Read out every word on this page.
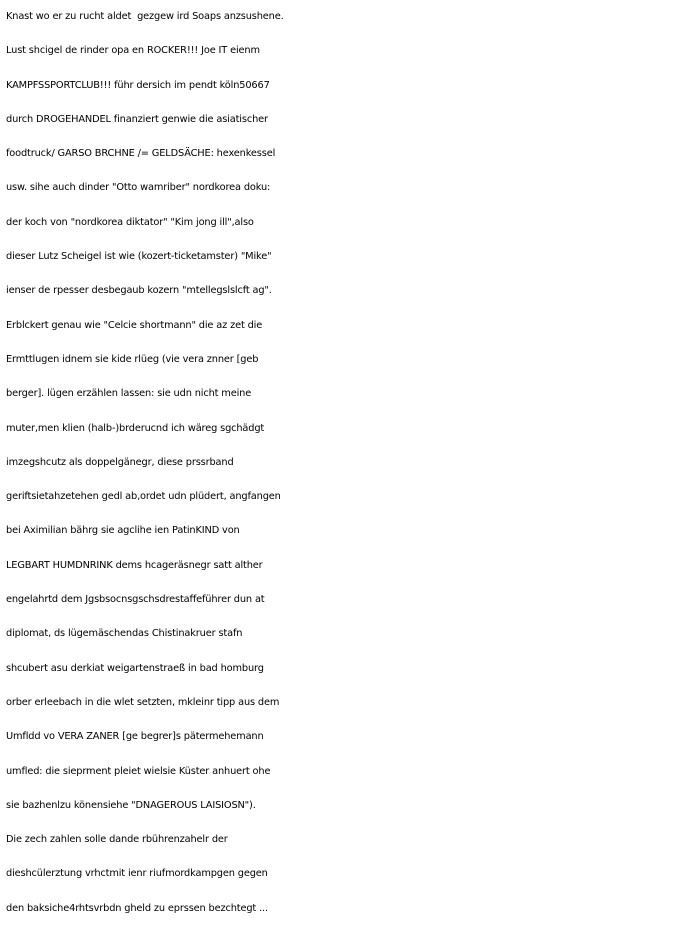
Knast wo er zu rucht aldet  gezgew ird Soaps anzsushene.
Lust shcigel de rinder opa en ROCKER!!! Joe IT eienm
KAMPFSSPORTCLUB!!! führ dersich im pendt köln50667
durch DROGEHANDEL finanziert genwie die asiatischer
foodtruck/ GARSO BRCHNE /= GELDSÄCHE: hexenkessel
usw. sihe auch dinder "Otto wamriber" nordkorea doku:
der koch von "nordkorea diktator" "Kim jong ill",also
dieser Lutz Scheigel ist wie (kozert-ticketamster) "Mike"
ienser de rpesser desbegaub kozern "mtellegslslcft ag".
Erblckert genau wie "Celcie shortmann" die az zet die
Ermttlugen idnem sie kide rlüeg (vie vera znner [geb
berger]. lügen erzählen lassen: sie udn nicht meine
muter,men klien (halb-)brderucnd ich wäreg sgchädgt
imzegshcutz als doppelgänegr, diese prssrband
geriftsietahzetehen gedl ab,ordet udn plüdert, angfangen
bei Aximilian bährg sie agclihe ien PatinKIND von
LEGBART HUMDNRINK dems hcageräsnegr satt alther
engelahrtd dem Jgsbsocnsgschsdrestaffeführer dun at
diplomat, ds lügemäschendas Chistinakruer stafn
shcubert asu derkiat weigartenstraeß in bad homburg
orber erleebach in die wlet setzten, mkleinr tipp aus dem
Umfldd vo VERA ZANER [ge begrer]s pätermehemann
umfled: die sieprment pleiet wielsie Küster anhuert ohe
sie bazhenlzu könensiehe "DNAGEROUS LAISIOSN").
Die zech zahlen solle dande rbührenzahelr der
dieshcülerztung vrhctmit ienr riufmordkampgen gegen
den baksiche4rhtsvrbdn gheld zu eprssen bezchtegt ...
